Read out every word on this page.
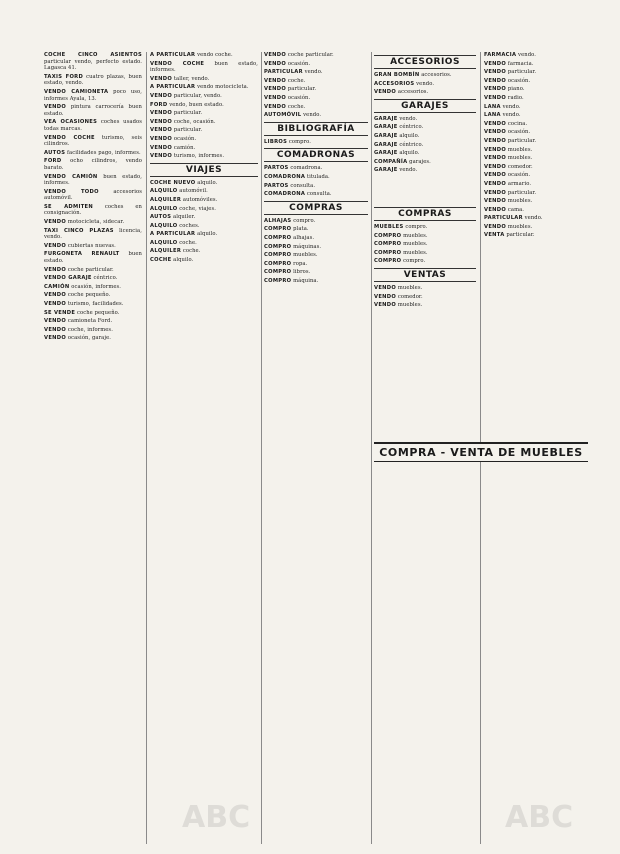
COCHE CINCO ASIENTOS particular vendo, perfecto estado. Lagasca 41.

TAXIS FORD cuatro plazas, buen estado, vendo.

VENDO CAMIONETA poco uso, informes Ayala, 13.

VENDO pintura carrocería buen estado.

VEA OCASIONES coches usados todas marcas.

VENDO COCHE turismo, seis cilindros.

AUTOS facilidades pago, informes.

FORD ocho cilindros, vendo barato.

VENDO CAMIÓN buen estado, informes.

VENDO TODO	accesorios automóvil.

SE ADMITEN coches en consignación.

VENDO motocicleta, sidecar.

TAXI CINCO PLAZAS licencia, vendo.

VENDO cubiertas nuevas.

FURGONETA RENAULT buen estado.

VENDO coche particular.

VENDO GARAJE céntrico.

CAMIÓN ocasión, informes.

VENDO coche pequeño.

VENDO turismo, facilidades.

SE VENDE coche pequeño.

VENDO camioneta Ford.

VENDO coche, informes.

VENDO ocasión, garaje.

A PARTICULAR vendo coche.

VENDO COCHE buen estado, informes.

VENDO taller, vendo.

A PARTICULAR vendo motocicleta.

VENDO particular, vendo.

FORD vendo, buen estado.

VENDO particular.

VENDO coche, ocasión.

VENDO particular.

VENDO ocasión.

VENDO camión.

VENDO turismo, informes.

VIAJES

COCHE NUEVO alquilo.

ALQUILO automóvil.

ALQUILER automóviles.

ALQUILO coche, viajes.

AUTOS alquiler.

ALQUILO coches.

A PARTICULAR alquilo.

ALQUILO coche.

ALQUILER coche.

COCHE alquilo.

VENDO coche particular.

VENDO ocasión.

PARTICULAR vendo.

VENDO coche.

VENDO particular.

VENDO ocasión.

VENDO coche.

AUTOMÓVIL vendo.

BIBLIOGRAFÍA

LIBROS compro.

COMADRONAS

PARTOS comadrona.

COMADRONA titulada.

PARTOS consulta.

COMADRONA consulta.

COMPRAS

ALHAJAS compro.

COMPRO plata.

COMPRO alhajas.

COMPRO máquinas.

COMPRO muebles.

COMPRO ropa.

COMPRO libros.

COMPRO máquina.

ACCESORIOS

GRAN BOMBÍN accesorios.

ACCESORIOS vendo.

VENDO accesorios.

GARAJES

GARAJE vendo.

GARAJE céntrico.

GARAJE alquilo.

GARAJE céntrico.

GARAJE alquilo.

COMPAÑÍA garajes.

GARAJE vendo.

COMPRAS

MUEBLES compro.

COMPRO muebles.

COMPRO muebles.

COMPRO muebles.

COMPRO compro.

VENTAS

VENDO muebles.

VENDO comedor.

VENDO muebles.

FARMACIA vendo.

VENDO farmacia.

VENDO particular.

VENDO ocasión.

VENDO piano.

VENDO radio.

LANA vendo.

LANA vendo.

VENDO cocina.

VENDO ocasión.

VENDO particular.

VENDO muebles.

VENDO muebles.

VENDO comedor.

VENDO ocasión.

VENDO armario.

VENDO particular.

VENDO muebles.

VENDO cama.

PARTICULAR vendo.

VENDO muebles.

VENTA particular.

COMPRA - VENTA DE MUEBLES
ABC	ABC
